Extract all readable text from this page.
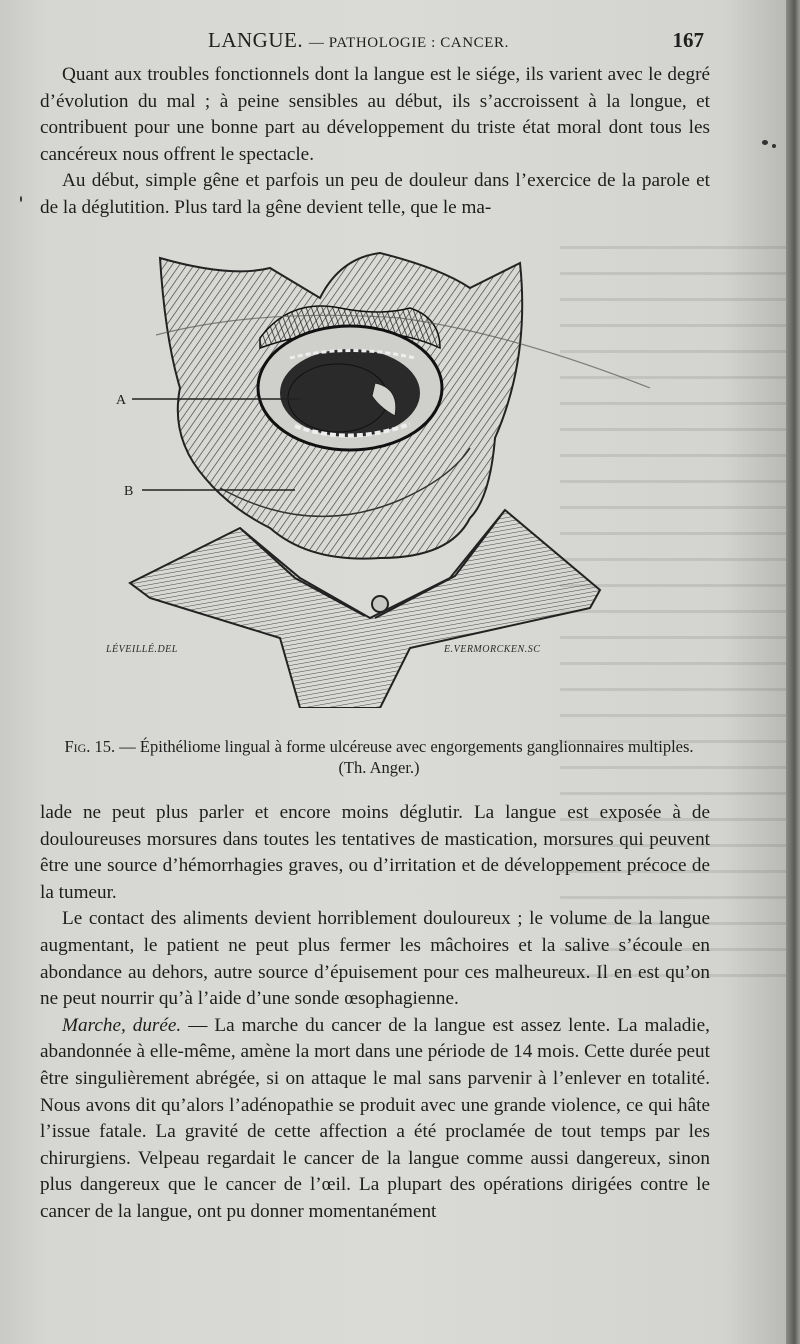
LANGUE. — PATHOLOGIE : CANCER.	167

Quant aux troubles fonctionnels dont la langue est le siége, ils varient avec le degré d’évolution du mal ; à peine sensibles au début, ils s’accroissent à la longue, et contribuent pour une bonne part au développement du triste état moral dont tous les cancéreux nous offrent le spectacle.

Au début, simple gêne et parfois un peu de douleur dans l’exercice de la parole et de la déglutition. Plus tard la gêne devient telle, que le ma-

A
B
LÉVEILLÉ.DEL	E.VERMORCKEN.SC
Fig. 15. — Épithéliome lingual à forme ulcéreuse avec engorgements ganglionnaires multiples.
(Th. Anger.)

lade ne peut plus parler et encore moins déglutir. La langue est exposée à de douloureuses morsures dans toutes les tentatives de mastication, morsures qui peuvent être une source d’hémorrhagies graves, ou d’irritation et de développement précoce de la tumeur.

Le contact des aliments devient horriblement douloureux ; le volume de la langue augmentant, le patient ne peut plus fermer les mâchoires et la salive s’écoule en abondance au dehors, autre source d’épuisement pour ces malheureux. Il en est qu’on ne peut nourrir qu’à l’aide d’une sonde œsophagienne.

Marche, durée. — La marche du cancer de la langue est assez lente. La maladie, abandonnée à elle-même, amène la mort dans une période de 14 mois. Cette durée peut être singulièrement abrégée, si on attaque le mal sans parvenir à l’enlever en totalité. Nous avons dit qu’alors l’adénopathie se produit avec une grande violence, ce qui hâte l’issue fatale. La gravité de cette affection a été proclamée de tout temps par les chirurgiens. Velpeau regardait le cancer de la langue comme aussi dangereux, sinon plus dangereux que le cancer de l’œil. La plupart des opérations dirigées contre le cancer de la langue, ont pu donner momentanément
